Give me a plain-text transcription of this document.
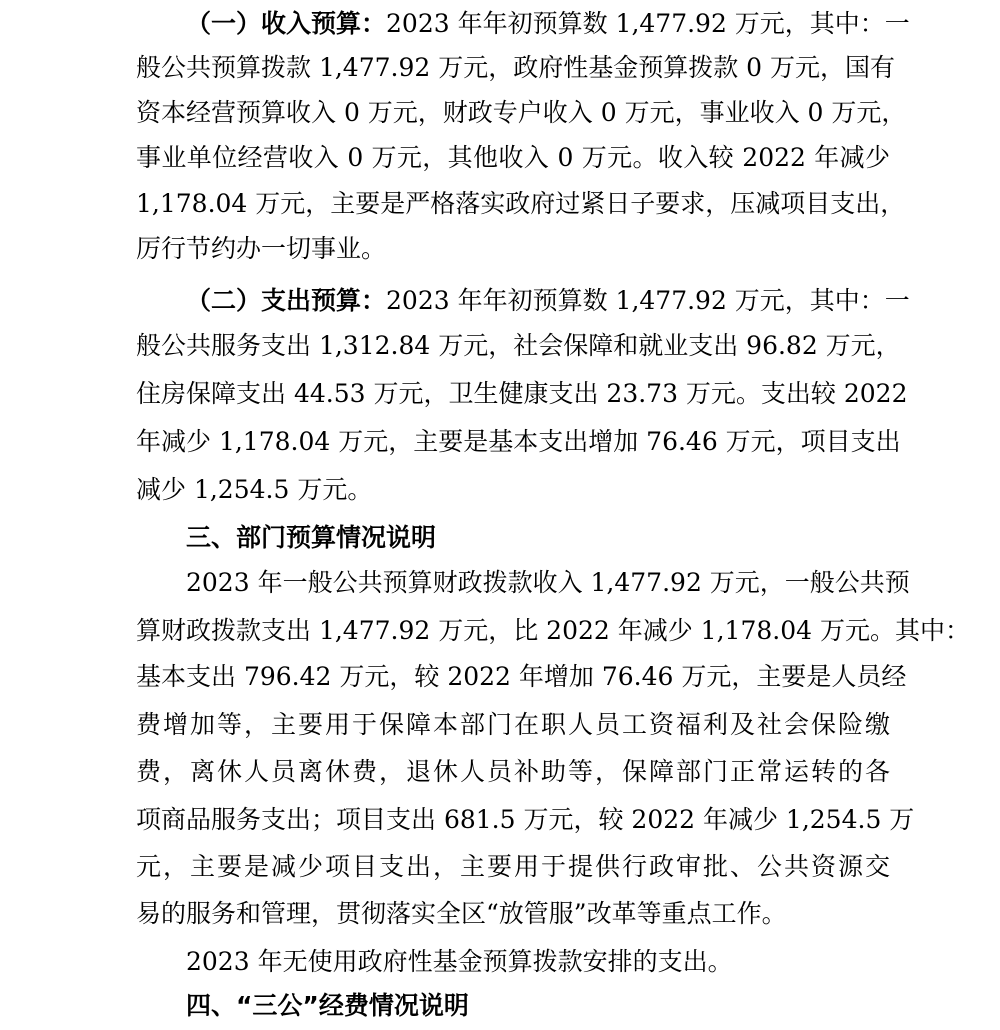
（一）收入预算：2023 年年初预算数 1,477.92 万元，其中：一
般公共预算拨款 1,477.92 万元，政府性基金预算拨款 0 万元，国有
资本经营预算收入 0 万元，财政专户收入 0 万元，事业收入 0 万元，
事业单位经营收入 0 万元，其他收入 0 万元。收入较 2022 年减少
1,178.04 万元，主要是严格落实政府过紧日子要求，压减项目支出，
厉行节约办一切事业。
（二）支出预算：2023 年年初预算数 1,477.92 万元，其中：一
般公共服务支出 1,312.84 万元，社会保障和就业支出 96.82 万元，
住房保障支出 44.53 万元，卫生健康支出 23.73 万元。支出较 2022
年减少 1,178.04 万元，主要是基本支出增加 76.46 万元，项目支出
减少 1,254.5 万元。
三、部门预算情况说明
2023 年一般公共预算财政拨款收入 1,477.92 万元，一般公共预
算财政拨款支出 1,477.92 万元，比 2022 年减少 1,178.04 万元。其中：
基本支出 796.42 万元，较 2022 年增加 76.46 万元，主要是人员经
费增加等，主要用于保障本部门在职人员工资福利及社会保险缴
费，离休人员离休费，退休人员补助等，保障部门正常运转的各
项商品服务支出；项目支出 681.5 万元，较 2022 年减少 1,254.5 万
元，主要是减少项目支出，主要用于提供行政审批、公共资源交
易的服务和管理，贯彻落实全区“放管服”改革等重点工作。
2023 年无使用政府性基金预算拨款安排的支出。
四、“三公”经费情况说明
